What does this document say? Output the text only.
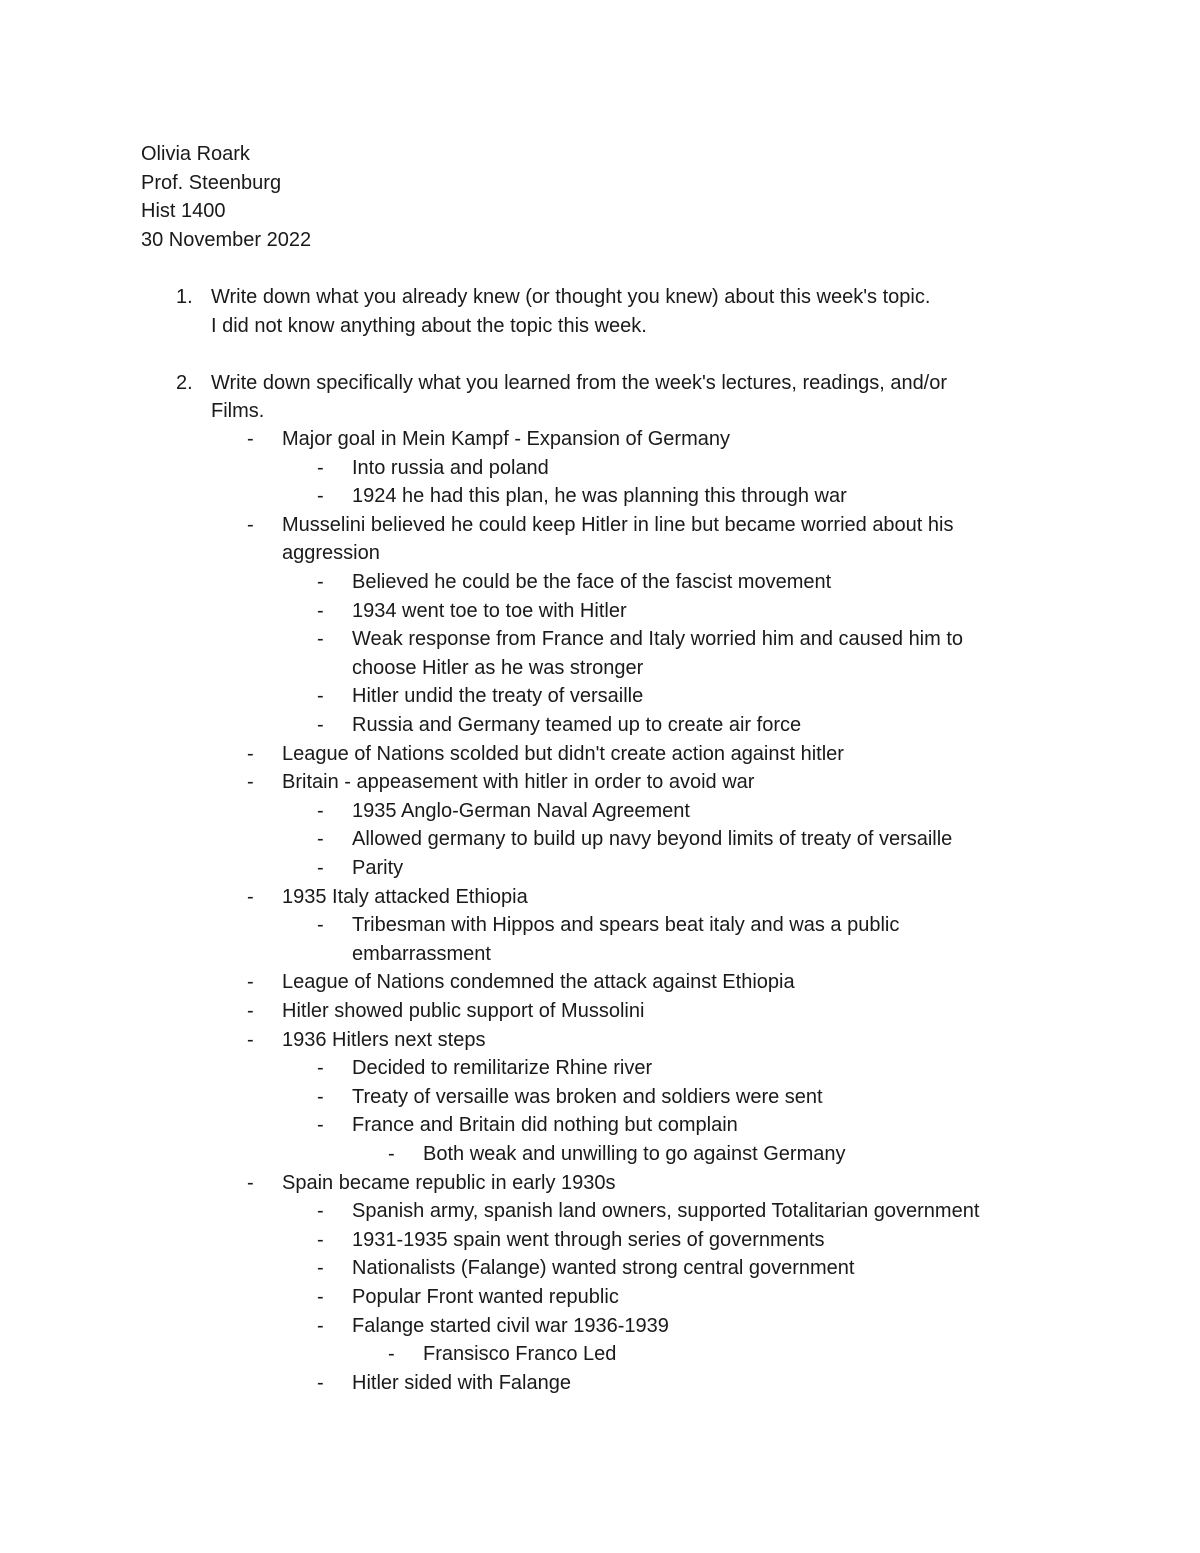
Olivia Roark
Prof. Steenburg
Hist 1400
30 November 2022
1. Write down what you already knew (or thought you knew) about this week's topic.
I did not know anything about the topic this week.
2. Write down specifically what you learned from the week's lectures, readings, and/or
Films.
- Major goal in Mein Kampf - Expansion of Germany
- Into russia and poland
- 1924 he had this plan, he was planning this through war
- Musselini believed he could keep Hitler in line but became worried about his
aggression
- Believed he could be the face of the fascist movement
- 1934 went toe to toe with Hitler
- Weak response from France and Italy worried him and caused him to
choose Hitler as he was stronger
- Hitler undid the treaty of versaille
- Russia and Germany teamed up to create air force
- League of Nations scolded but didn't create action against hitler
- Britain - appeasement with hitler in order to avoid war
- 1935 Anglo-German Naval Agreement
- Allowed germany to build up navy beyond limits of treaty of versaille
- Parity
- 1935 Italy attacked Ethiopia
- Tribesman with Hippos and spears beat italy and was a public
embarrassment
- League of Nations condemned the attack against Ethiopia
- Hitler showed public support of Mussolini
- 1936 Hitlers next steps
- Decided to remilitarize Rhine river
- Treaty of versaille was broken and soldiers were sent
- France and Britain did nothing but complain
- Both weak and unwilling to go against Germany
- Spain became republic in early 1930s
- Spanish army, spanish land owners, supported Totalitarian government
- 1931-1935 spain went through series of governments
- Nationalists (Falange) wanted strong central government
- Popular Front wanted republic
- Falange started civil war 1936-1939
- Fransisco Franco Led
- Hitler sided with Falange
